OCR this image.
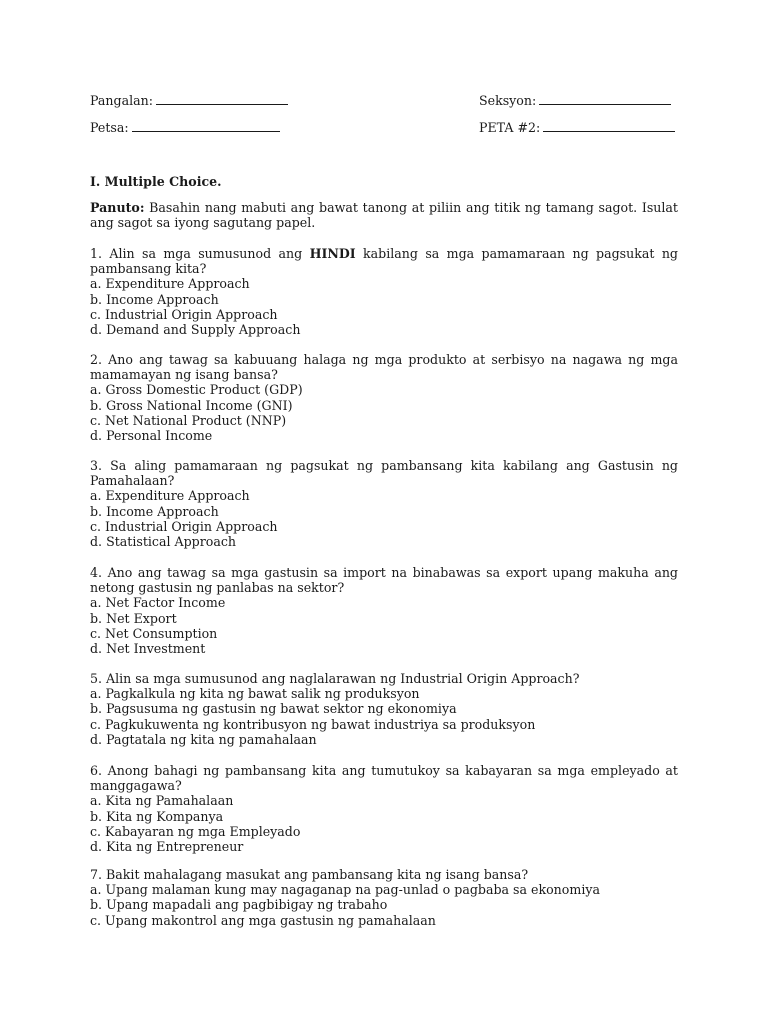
Pangalan:	Seksyon:
Petsa:	PETA #2:
I. Multiple Choice.
Panuto: Basahin nang mabuti ang bawat tanong at piliin ang titik ng tamang sagot. Isulat ang sagot sa iyong sagutang papel.
1. Alin sa mga sumusunod ang HINDI kabilang sa mga pamamaraan ng pagsukat ng pambansang kita?
a. Expenditure Approach
b. Income Approach
c. Industrial Origin Approach
d. Demand and Supply Approach
2. Ano ang tawag sa kabuuang halaga ng mga produkto at serbisyo na nagawa ng mga mamamayan ng isang bansa?
a. Gross Domestic Product (GDP)
b. Gross National Income (GNI)
c. Net National Product (NNP)
d. Personal Income
3. Sa aling pamamaraan ng pagsukat ng pambansang kita kabilang ang Gastusin ng Pamahalaan?
a. Expenditure Approach
b. Income Approach
c. Industrial Origin Approach
d. Statistical Approach
4. Ano ang tawag sa mga gastusin sa import na binabawas sa export upang makuha ang netong gastusin ng panlabas na sektor?
a. Net Factor Income
b. Net Export
c. Net Consumption
d. Net Investment
5. Alin sa mga sumusunod ang naglalarawan ng Industrial Origin Approach?
a. Pagkalkula ng kita ng bawat salik ng produksyon
b. Pagsusuma ng gastusin ng bawat sektor ng ekonomiya
c. Pagkukuwenta ng kontribusyon ng bawat industriya sa produksyon
d. Pagtatala ng kita ng pamahalaan
6. Anong bahagi ng pambansang kita ang tumutukoy sa kabayaran sa mga empleyado at manggagawa?
a. Kita ng Pamahalaan
b. Kita ng Kompanya
c. Kabayaran ng mga Empleyado
d. Kita ng Entrepreneur
7. Bakit mahalagang masukat ang pambansang kita ng isang bansa?
a. Upang malaman kung may nagaganap na pag-unlad o pagbaba sa ekonomiya
b. Upang mapadali ang pagbibigay ng trabaho
c. Upang makontrol ang mga gastusin ng pamahalaan
